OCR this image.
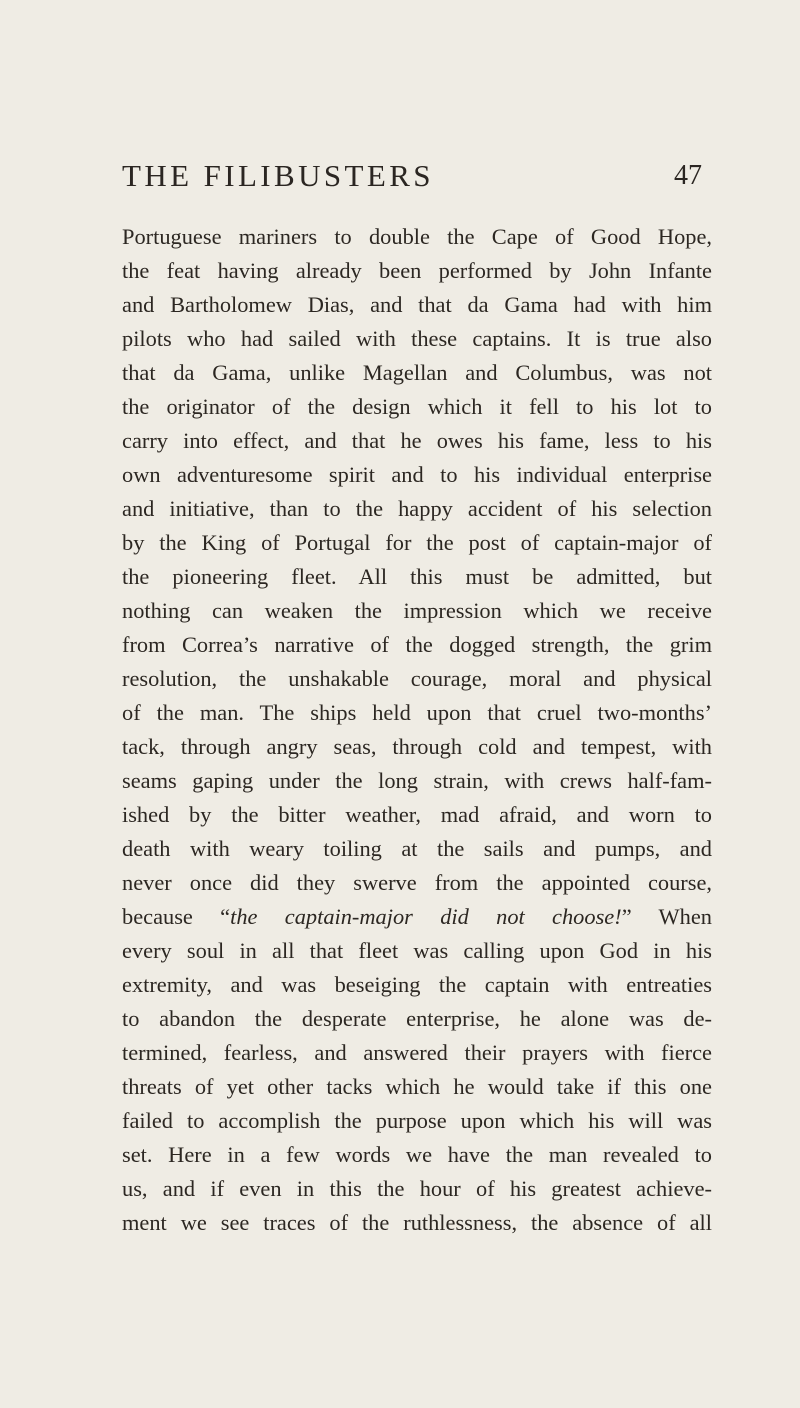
THE FILIBUSTERS	47
Portuguese mariners to double the Cape of Good Hope,
the feat having already been performed by John Infante
and Bartholomew Dias, and that da Gama had with him
pilots who had sailed with these captains. It is true also
that da Gama, unlike Magellan and Columbus, was not
the originator of the design which it fell to his lot to
carry into effect, and that he owes his fame, less to his
own adventuresome spirit and to his individual enterprise
and initiative, than to the happy accident of his selection
by the King of Portugal for the post of captain-major of
the pioneering fleet. All this must be admitted, but
nothing can weaken the impression which we receive
from Correa’s narrative of the dogged strength, the grim
resolution, the unshakable courage, moral and physical
of the man. The ships held upon that cruel two-months’
tack, through angry seas, through cold and tempest, with
seams gaping under the long strain, with crews half-fam-
ished by the bitter weather, mad afraid, and worn to
death with weary toiling at the sails and pumps, and
never once did they swerve from the appointed course,
because “the captain-major did not choose!” When
every soul in all that fleet was calling upon God in his
extremity, and was beseiging the captain with entreaties
to abandon the desperate enterprise, he alone was de-
termined, fearless, and answered their prayers with fierce
threats of yet other tacks which he would take if this one
failed to accomplish the purpose upon which his will was
set. Here in a few words we have the man revealed to
us, and if even in this the hour of his greatest achieve-
ment we see traces of the ruthlessness, the absence of all
